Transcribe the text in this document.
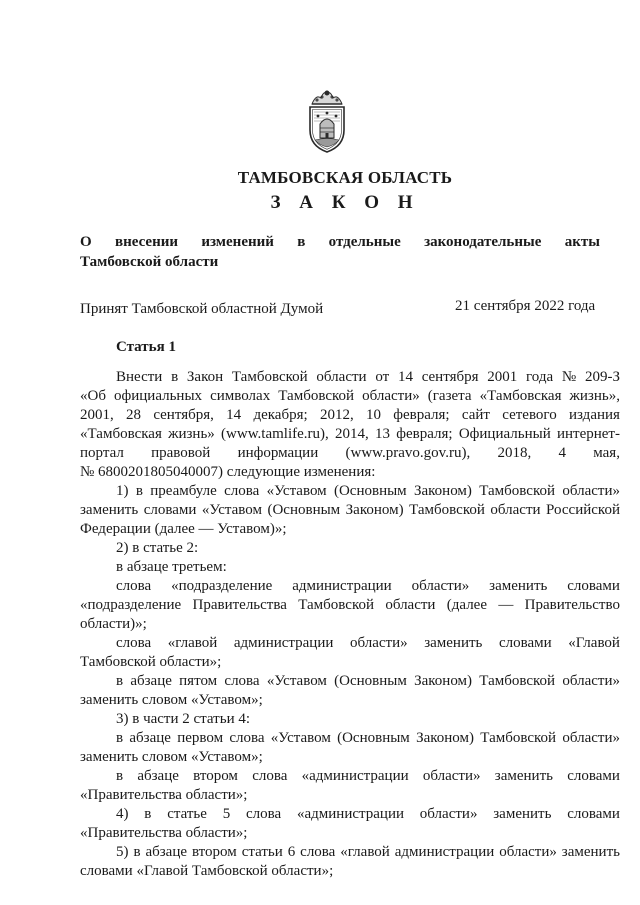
ТАМБОВСКАЯ ОБЛАСТЬ
З А К О Н
О внесении изменений в отдельные законодательные акты
Тамбовской области
Принят Тамбовской областной Думой	21 сентября 2022 года
Статья 1
Внести в Закон Тамбовской области от 14 сентября 2001 года № 209-З
«Об официальных символах Тамбовской области» (газета «Тамбовская жизнь»,
2001, 28 сентября, 14 декабря; 2012, 10 февраля; сайт сетевого издания
«Тамбовская жизнь» (www.tamlife.ru), 2014, 13 февраля; Официальный интернет-
портал правовой информации (www.pravo.gov.ru), 2018, 4 мая,
№ 6800201805040007) следующие изменения:
1) в преамбуле слова «Уставом (Основным Законом) Тамбовской области»
заменить словами «Уставом (Основным Законом) Тамбовской области Российской
Федерации (далее — Уставом)»;
2) в статье 2:
в абзаце третьем:
слова «подразделение администрации области» заменить словами
«подразделение Правительства Тамбовской области (далее — Правительство
области)»;
слова «главой администрации области» заменить словами «Главой
Тамбовской области»;
в абзаце пятом слова «Уставом (Основным Законом) Тамбовской области»
заменить словом «Уставом»;
3) в части 2 статьи 4:
в абзаце первом слова «Уставом (Основным Законом) Тамбовской области»
заменить словом «Уставом»;
в абзаце втором слова «администрации области» заменить словами
«Правительства области»;
4) в статье 5 слова «администрации области» заменить словами
«Правительства области»;
5) в абзаце втором статьи 6 слова «главой администрации области» заменить
словами «Главой Тамбовской области»;
